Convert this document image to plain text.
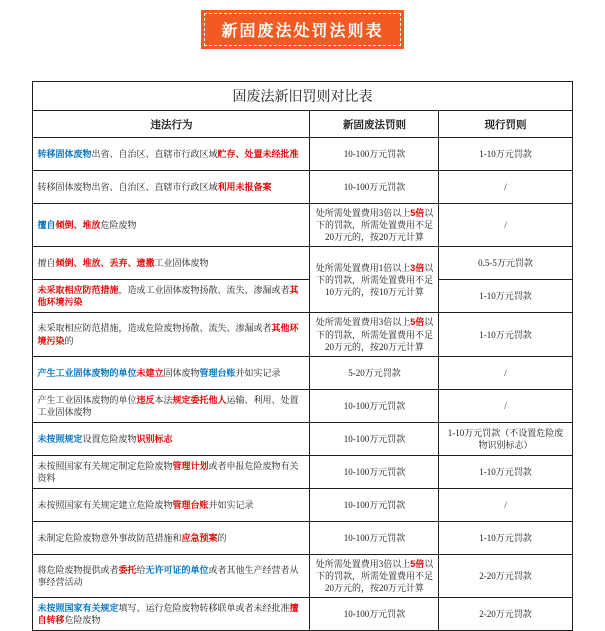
新固废法处罚法则表
固废法新旧罚则对比表		
违法行为	新固废法罚则	现行罚则
转移固体废物出省、自治区、直辖市行政区域贮存、处置未经批准	10-100万元罚款	1-10万元罚款
转移固体废物出省、自治区、直辖市行政区域利用未报备案	10-100万元罚款	/
擅自倾倒、堆放危险废物	处所需处置费用3倍以上5倍以下的罚款，所需处置费用不足20万元的，按20万元计算	/
擅自倾倒、堆放、丢弃、遗撒工业固体废物	处所需处置费用1倍以上3倍以下的罚款，所需处置费用不足10万元的，按10万元计算	0.5-5万元罚款
未采取相应防范措施，造成工业固体废物扬散、流失、渗漏或者其他环境污染		1-10万元罚款
未采取相应防范措施，造成危险废物扬散、流失、渗漏或者其他环境污染的	处所需处置费用3倍以上5倍以下的罚款，所需处置费用不足20万元的，按20万元计算	1-10万元罚款
产生工业固体废物的单位未建立固体废物管理台账并如实记录	5-20万元罚款	/
产生工业固体废物的单位违反本法规定委托他人运输、利用、处置工业固体废物	10-100万元罚款	/
未按照规定设置危险废物识别标志	10-100万元罚款	1-10万元罚款（不设置危险废物识别标志）
未按照国家有关规定制定危险废物管理计划或者申报危险废物有关资料	10-100万元罚款	1-10万元罚款
未按照国家有关规定建立危险废物管理台账并如实记录	10-100万元罚款	/
未制定危险废物意外事故防范措施和应急预案的	10-100万元罚款	1-10万元罚款
将危险废物提供或者委托给无许可证的单位或者其他生产经营者从事经营活动	处所需处置费用3倍以上5倍以下的罚款，所需处置费用不足20万元的，按20万元计算	2-20万元罚款
未按照国家有关规定填写、运行危险废物转移联单或者未经批准擅自转移危险废物	10-100万元罚款	2-20万元罚款
